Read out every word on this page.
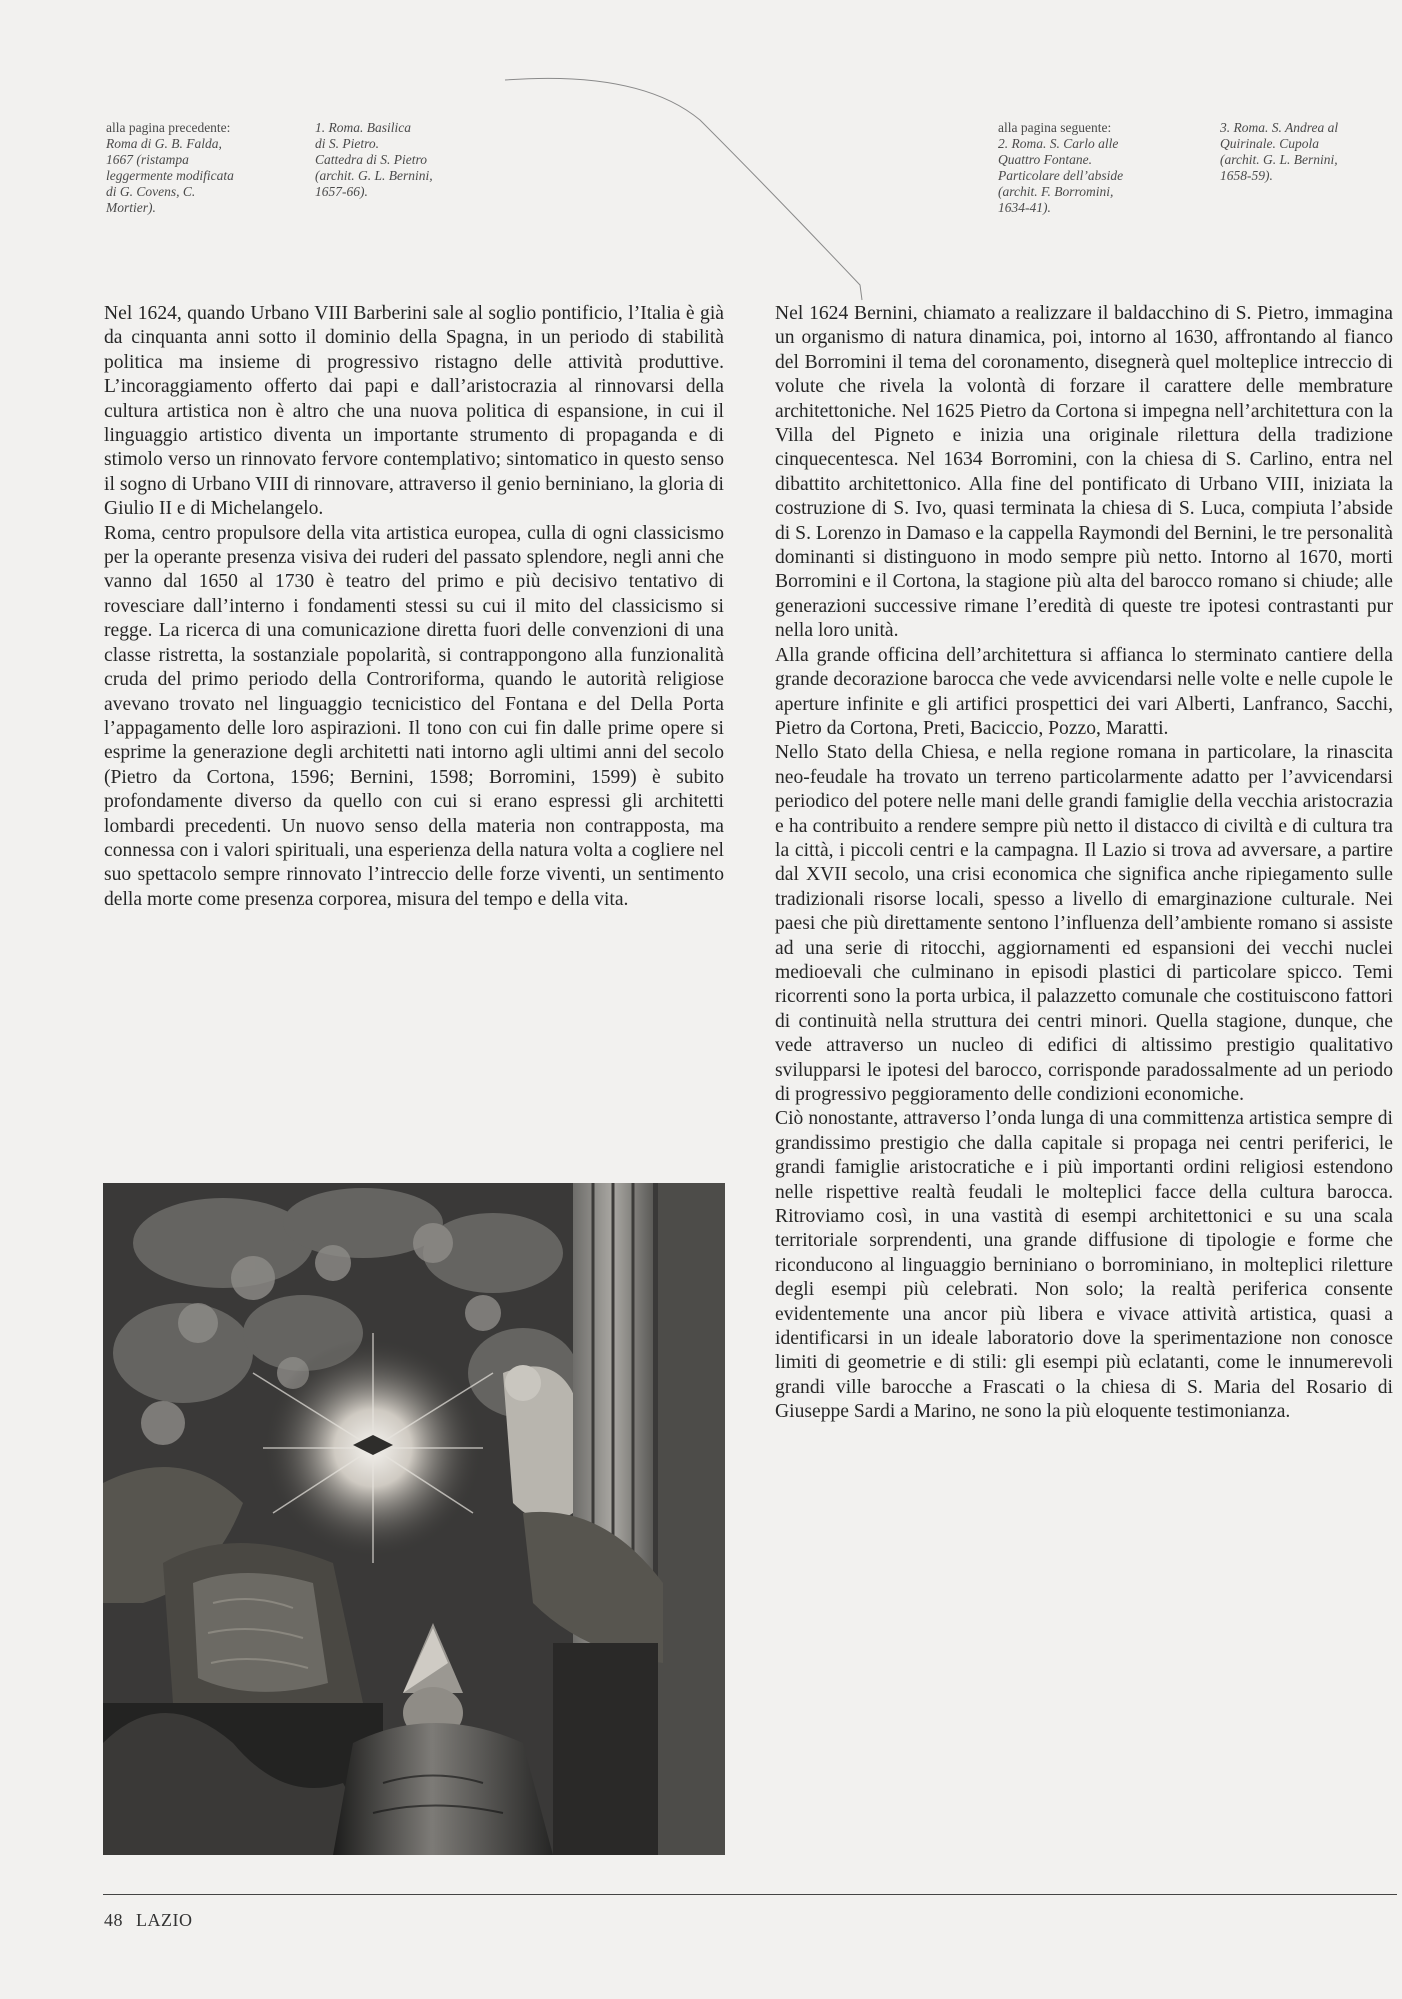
alla pagina precedente:

Roma di G. B. Falda,
1667 (ristampa
leggermente modificata
di G. Covens, C.
Mortier).

1. Roma. Basilica
di S. Pietro.
Cattedra di S. Pietro
(archit. G. L. Bernini,
1657-66).

alla pagina seguente:

2. Roma. S. Carlo alle
Quattro Fontane.
Particolare dell’abside
(archit. F. Borromini,
1634-41).

3. Roma. S. Andrea al
Quirinale. Cupola
(archit. G. L. Bernini,
1658-59).

Nel 1624, quando Urbano VIII Barberini sale al soglio pontificio, l’Italia è già da cinquanta anni sotto il dominio della Spagna, in un periodo di stabilità politica ma insieme di progressivo ristagno delle attività produttive. L’incoraggiamento offerto dai papi e dall’aristocrazia al rinnovarsi della cultura artistica non è altro che una nuova politica di espansione, in cui il linguaggio artistico diventa un importante strumento di propaganda e di stimolo verso un rinnovato fervore contemplativo; sintomatico in questo senso il sogno di Urbano VIII di rinnovare, attraverso il genio berniniano, la gloria di Giulio II e di Michelangelo.

Roma, centro propulsore della vita artistica europea, culla di ogni classicismo per la operante presenza visiva dei ruderi del passato splendore, negli anni che vanno dal 1650 al 1730 è teatro del primo e più decisivo tentativo di rovesciare dall’interno i fondamenti stessi su cui il mito del classicismo si regge. La ricerca di una comunicazione diretta fuori delle convenzioni di una classe ristretta, la sostanziale popolarità, si contrappongono alla funzionalità cruda del primo periodo della Controriforma, quando le autorità religiose avevano trovato nel linguaggio tecnicistico del Fontana e del Della Porta l’appagamento delle loro aspirazioni. Il tono con cui fin dalle prime opere si esprime la generazione degli architetti nati intorno agli ultimi anni del secolo (Pietro da Cortona, 1596; Bernini, 1598; Borromini, 1599) è subito profondamente diverso da quello con cui si erano espressi gli architetti lombardi precedenti. Un nuovo senso della materia non contrapposta, ma connessa con i valori spirituali, una esperienza della natura volta a cogliere nel suo spettacolo sempre rinnovato l’intreccio delle forze viventi, un sentimento della morte come presenza corporea, misura del tempo e della vita.

Nel 1624 Bernini, chiamato a realizzare il baldacchino di S. Pietro, immagina un organismo di natura dinamica, poi, intorno al 1630, affrontando al fianco del Borromini il tema del coronamento, disegnerà quel molteplice intreccio di volute che rivela la volontà di forzare il carattere delle membrature architettoniche. Nel 1625 Pietro da Cortona si impegna nell’architettura con la Villa del Pigneto e inizia una originale rilettura della tradizione cinquecentesca. Nel 1634 Borromini, con la chiesa di S. Carlino, entra nel dibattito architettonico. Alla fine del pontificato di Urbano VIII, iniziata la costruzione di S. Ivo, quasi terminata la chiesa di S. Luca, compiuta l’abside di S. Lorenzo in Damaso e la cappella Raymondi del Bernini, le tre personalità dominanti si distinguono in modo sempre più netto. Intorno al 1670, morti Borromini e il Cortona, la stagione più alta del barocco romano si chiude; alle generazioni successive rimane l’eredità di queste tre ipotesi contrastanti pur nella loro unità.

Alla grande officina dell’architettura si affianca lo sterminato cantiere della grande decorazione barocca che vede avvicendarsi nelle volte e nelle cupole le aperture infinite e gli artifici prospettici dei vari Alberti, Lanfranco, Sacchi, Pietro da Cortona, Preti, Baciccio, Pozzo, Maratti.

Nello Stato della Chiesa, e nella regione romana in particolare, la rinascita neo-feudale ha trovato un terreno particolarmente adatto per l’avvicendarsi periodico del potere nelle mani delle grandi famiglie della vecchia aristocrazia e ha contribuito a rendere sempre più netto il distacco di civiltà e di cultura tra la città, i piccoli centri e la campagna. Il Lazio si trova ad avversare, a partire dal XVII secolo, una crisi economica che significa anche ripiegamento sulle tradizionali risorse locali, spesso a livello di emarginazione culturale. Nei paesi che più direttamente sentono l’influenza dell’ambiente romano si assiste ad una serie di ritocchi, aggiornamenti ed espansioni dei vecchi nuclei medioevali che culminano in episodi plastici di particolare spicco. Temi ricorrenti sono la porta urbica, il palazzetto comunale che costituiscono fattori di continuità nella struttura dei centri minori. Quella stagione, dunque, che vede attraverso un nucleo di edifici di altissimo prestigio qualitativo svilupparsi le ipotesi del barocco, corrisponde paradossalmente ad un periodo di progressivo peggioramento delle condizioni economiche.

Ciò nonostante, attraverso l’onda lunga di una committenza artistica sempre di grandissimo prestigio che dalla capitale si propaga nei centri periferici, le grandi famiglie aristocratiche e i più importanti ordini religiosi estendono nelle rispettive realtà feudali le molteplici facce della cultura barocca. Ritroviamo così, in una vastità di esempi architettonici e su una scala territoriale sorprendenti, una grande diffusione di tipologie e forme che riconducono al linguaggio berniniano o borrominiano, in molteplici riletture degli esempi più celebrati. Non solo; la realtà periferica consente evidentemente una ancor più libera e vivace attività artistica, quasi a identificarsi in un ideale laboratorio dove la sperimentazione non conosce limiti di geometrie e di stili: gli esempi più eclatanti, come le innumerevoli grandi ville barocche a Frascati o la chiesa di S. Maria del Rosario di Giuseppe Sardi a Marino, ne sono la più eloquente testimonianza.

48 LAZIO
